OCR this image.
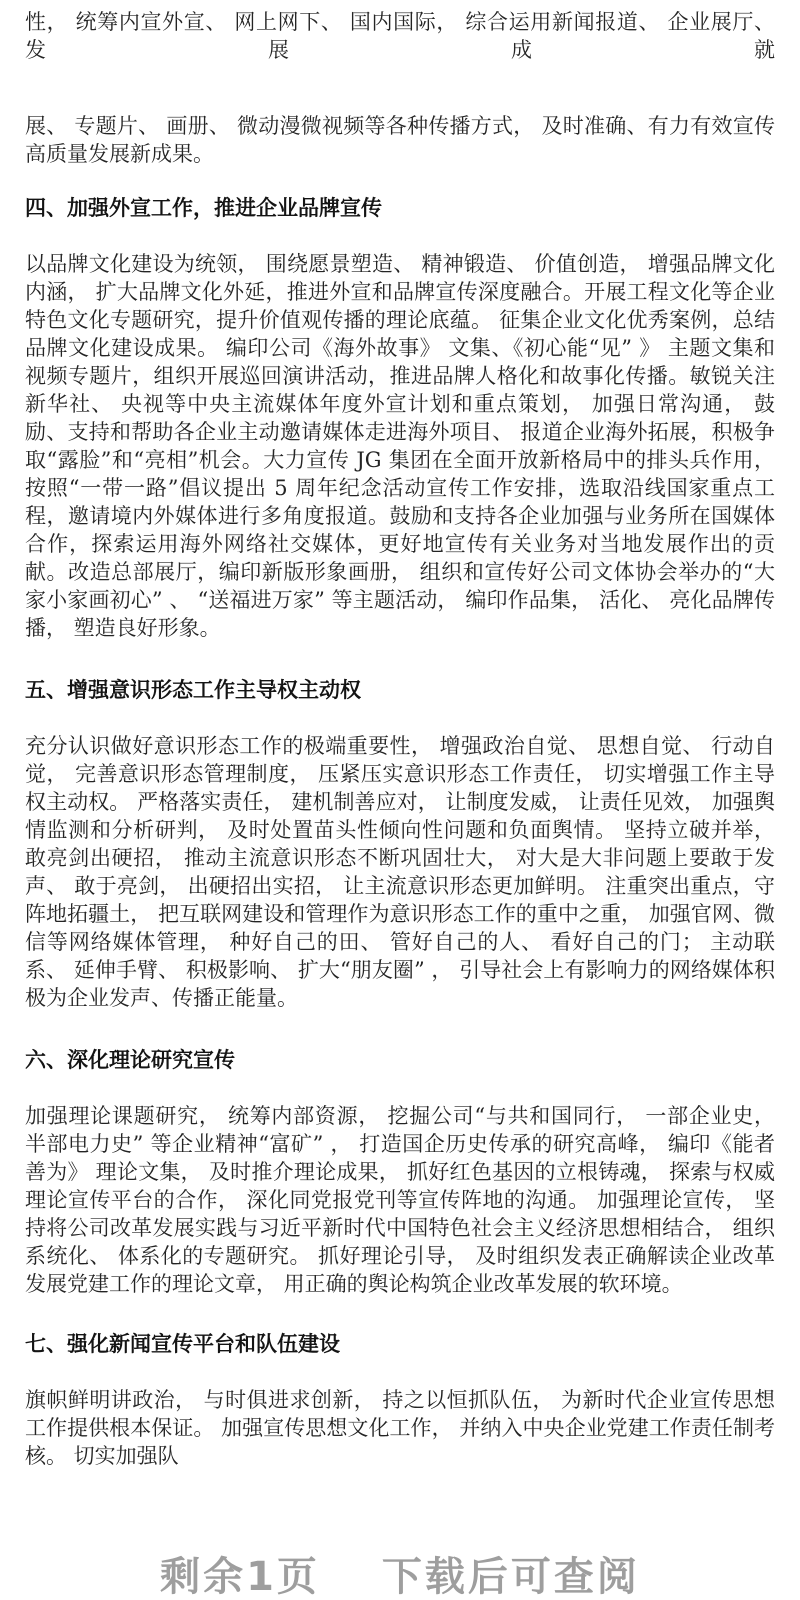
性， 统筹内宣外宣、 网上网下、 国内国际， 综合运用新闻报道、 企业展厅、 发展成就

展、 专题片、 画册、 微动漫微视频等各种传播方式， 及时准确、有力有效宣传高质量发展新成果。

四、加强外宣工作，推进企业品牌宣传

以品牌文化建设为统领， 围绕愿景塑造、 精神锻造、 价值创造， 增强品牌文化内涵， 扩大品牌文化外延，推进外宣和品牌宣传深度融合。开展工程文化等企业特色文化专题研究，提升价值观传播的理论底蕴。 征集企业文化优秀案例，总结品牌文化建设成果。 编印公司《海外故事》 文集、《初心能“见” 》 主题文集和视频专题片，组织开展巡回演讲活动，推进品牌人格化和故事化传播。敏锐关注新华社、 央视等中央主流媒体年度外宣计划和重点策划， 加强日常沟通， 鼓励、支持和帮助各企业主动邀请媒体走进海外项目、 报道企业海外拓展，积极争取“露脸”和“亮相”机会。大力宣传 JG 集团在全面开放新格局中的排头兵作用， 按照“一带一路”倡议提出 5 周年纪念活动宣传工作安排，选取沿线国家重点工程，邀请境内外媒体进行多角度报道。鼓励和支持各企业加强与业务所在国媒体合作，探索运用海外网络社交媒体，更好地宣传有关业务对当地发展作出的贡献。改造总部展厅，编印新版形象画册， 组织和宣传好公司文体协会举办的“大家小家画初心” 、 “送福进万家” 等主题活动， 编印作品集， 活化、 亮化品牌传播， 塑造良好形象。

五、增强意识形态工作主导权主动权

充分认识做好意识形态工作的极端重要性， 增强政治自觉、 思想自觉、 行动自觉， 完善意识形态管理制度， 压紧压实意识形态工作责任， 切实增强工作主导权主动权。 严格落实责任， 建机制善应对， 让制度发威， 让责任见效， 加强舆情监测和分析研判， 及时处置苗头性倾向性问题和负面舆情。 坚持立破并举， 敢亮剑出硬招， 推动主流意识形态不断巩固壮大， 对大是大非问题上要敢于发声、 敢于亮剑， 出硬招出实招， 让主流意识形态更加鲜明。 注重突出重点，守阵地拓疆土， 把互联网建设和管理作为意识形态工作的重中之重， 加强官网、微信等网络媒体管理， 种好自己的田、 管好自己的人、 看好自己的门； 主动联系、 延伸手臂、 积极影响、 扩大“朋友圈” ， 引导社会上有影响力的网络媒体积极为企业发声、传播正能量。

六、深化理论研究宣传

加强理论课题研究， 统筹内部资源， 挖掘公司“与共和国同行， 一部企业史， 半部电力史” 等企业精神“富矿” ， 打造国企历史传承的研究高峰， 编印《能者善为》 理论文集， 及时推介理论成果， 抓好红色基因的立根铸魂， 探索与权威理论宣传平台的合作， 深化同党报党刊等宣传阵地的沟通。 加强理论宣传， 坚持将公司改革发展实践与习近平新时代中国特色社会主义经济思想相结合， 组织系统化、 体系化的专题研究。 抓好理论引导， 及时组织发表正确解读企业改革发展党建工作的理论文章， 用正确的舆论构筑企业改革发展的软环境。

七、强化新闻宣传平台和队伍建设

旗帜鲜明讲政治， 与时俱进求创新， 持之以恒抓队伍， 为新时代企业宣传思想工作提供根本保证。 加强宣传思想文化工作， 并纳入中央企业党建工作责任制考核。 切实加强队

剩余1页 下载后可查阅
